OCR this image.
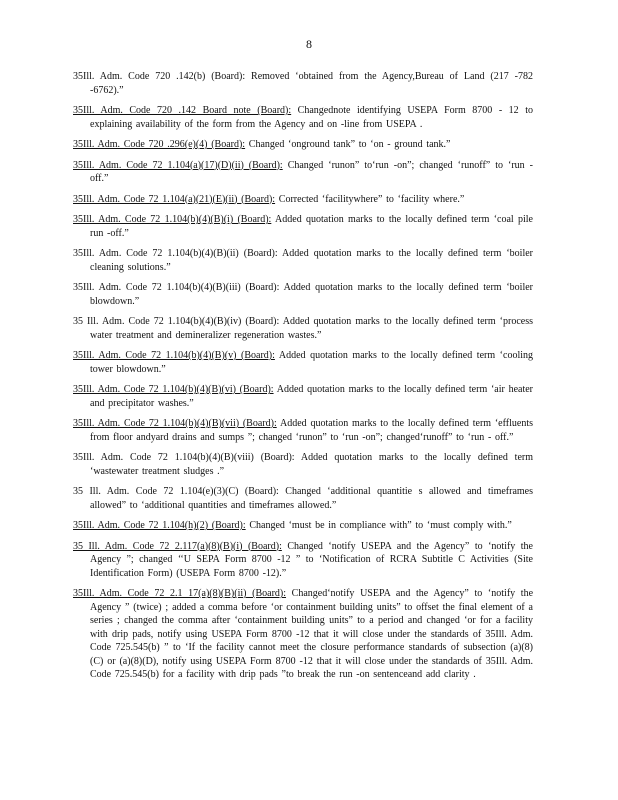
8

35Ill. Adm. Code 720 .142(b) (Board): Removed ‘obtained from the Agency,Bureau of Land (217 -782 -6762).”

35Ill. Adm. Code 720 .142 Board note (Board): Changednote identifying USEPA Form 8700 - 12 to explaining availability of the form from the Agency and on -line from USEPA .

35Ill. Adm. Code 720 .296(e)(4) (Board): Changed ‘onground tank” to ‘on - ground tank.”

35Ill. Adm. Code 72 1.104(a)(17)(D)(ii) (Board): Changed ‘runon” to‘run -on”; changed ‘runoff” to ‘run -off.”

35Ill. Adm. Code 72 1.104(a)(21)(E)(ii) (Board): Corrected ‘facilitywhere” to ‘facility where.”

35Ill. Adm. Code 72 1.104(b)(4)(B)(i) (Board): Added quotation marks to the locally defined term ‘coal pile run -off.”

35Ill. Adm. Code 72 1.104(b)(4)(B)(ii) (Board): Added quotation marks to the locally defined term ‘boiler cleaning solutions.”

35Ill. Adm. Code 72 1.104(b)(4)(B)(iii) (Board): Added quotation marks to the locally defined term ‘boiler blowdown.”

35 Ill. Adm. Code 72 1.104(b)(4)(B)(iv) (Board): Added quotation marks to the locally defined term ‘process water treatment and demineralizer regeneration wastes.”

35Ill. Adm. Code 72 1.104(b)(4)(B)(v) (Board): Added quotation marks to the locally defined term ‘cooling tower blowdown.”

35Ill. Adm. Code 72 1.104(b)(4)(B)(vi) (Board): Added quotation marks to the locally defined term ‘air heater and precipitator washes.”

35Ill. Adm. Code 72 1.104(b)(4)(B)(vii) (Board): Added quotation marks to the locally defined term ‘effluents from floor andyard drains and sumps ”; changed ‘runon” to ‘run -on”; changed‘runoff” to ‘run - off.”

35Ill. Adm. Code 72 1.104(b)(4)(B)(viii) (Board): Added quotation marks to the locally defined term ‘wastewater treatment sludges .”

35 Ill. Adm. Code 72 1.104(e)(3)(C) (Board): Changed ‘additional quantitie s allowed and timeframes allowed” to ‘additional quantities and timeframes allowed.”

35Ill. Adm. Code 72 1.104(h)(2) (Board): Changed ‘must be in compliance with” to ‘must comply with.”

35 Ill. Adm. Code 72 2.117(a)(8)(B)(i) (Board): Changed ‘notify USEPA and the Agency” to ‘notify the Agency ”; changed ‘‘U SEPA Form 8700 -12 ” to ‘Notification of RCRA Subtitle C Activities (Site Identification Form) (USEPA Form 8700 -12).”

35Ill. Adm. Code 72 2.1 17(a)(8)(B)(ii) (Board): Changed‘notify USEPA and the Agency” to ‘notify the Agency ” (twice) ; added a comma before ‘or containment building units” to offset the final element of a series ; changed the comma after ‘containment building units” to a period and changed ‘or for a facility with drip pads, notify using USEPA Form 8700 -12 that it will close under the standards of 35Ill. Adm. Code 725.545(b) ” to ‘If the facility cannot meet the closure performance standards of subsection (a)(8)(C) or (a)(8)(D), notify using USEPA Form 8700 -12 that it will close under the standards of 35Ill. Adm. Code 725.545(b) for a facility with drip pads ”to break the run -on sentenceand add clarity .
